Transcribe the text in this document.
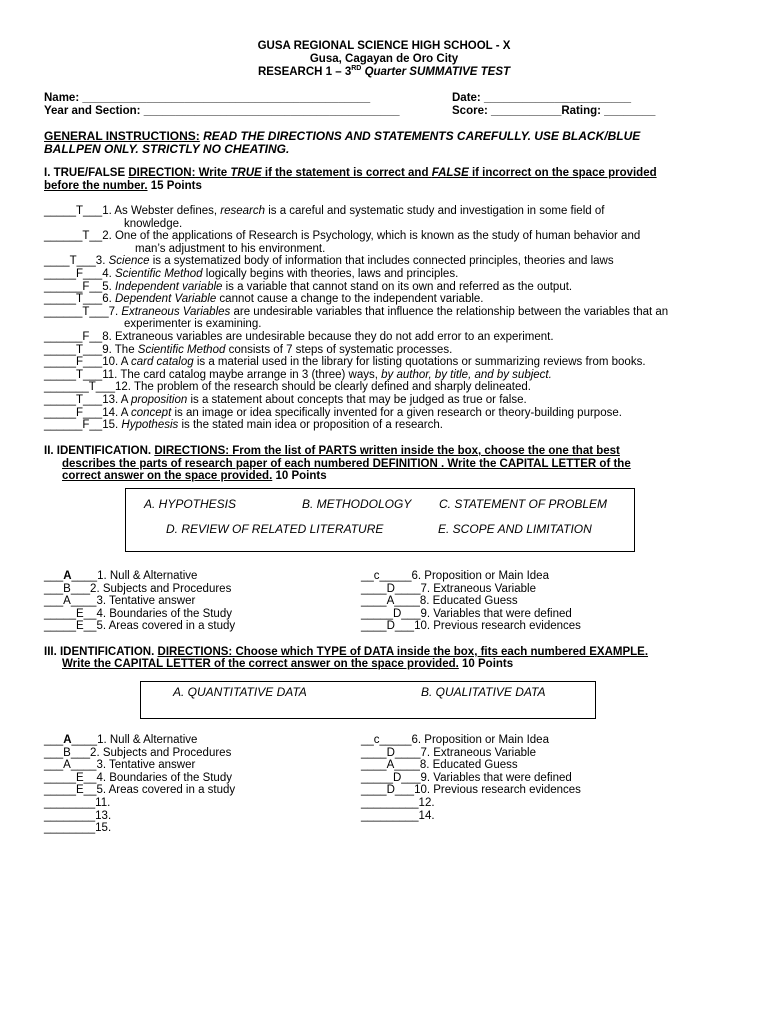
GUSA REGIONAL SCIENCE HIGH SCHOOL - X
Gusa, Cagayan de Oro City
RESEARCH 1 – 3RD Quarter SUMMATIVE TEST
Name: _____________________________________________
Year and Section: ________________________________________
Date: _______________________
Score: ___________Rating: ________
GENERAL INSTRUCTIONS: READ THE DIRECTIONS AND STATEMENTS CAREFULLY. USE BLACK/BLUE
BALLPEN ONLY. STRICTLY NO CHEATING.
I. TRUE/FALSE DIRECTION: Write TRUE if the statement is correct and FALSE if incorrect on the space provided
before the number. 15 Points
_____T___1. As Webster defines, research is a careful and systematic study and investigation in some field of
knowledge.
______T__2. One of the applications of Research is Psychology, which is known as the study of human behavior and
man’s adjustment to his environment.
____T___3. Science is a systematized body of information that includes connected principles, theories and laws
_____F___4. Scientific Method logically begins with theories, laws and principles.
______F__5. Independent variable is a variable that cannot stand on its own and referred as the output.
_____T___6. Dependent Variable cannot cause a change to the independent variable.
______T___7. Extraneous Variables are undesirable variables that influence the relationship between the variables that an
experimenter is examining.
______F__8. Extraneous variables are undesirable because they do not add error to an experiment.
_____T___9. The Scientific Method consists of 7 steps of systematic processes.
_____F___10. A card catalog is a material used in the library for listing quotations or summarizing reviews from books.
_____T___11. The card catalog maybe arrange in 3 (three) ways, by author, by title, and by subject.
_______T___12. The problem of the research should be clearly defined and sharply delineated.
_____T___13. A proposition is a statement about concepts that may be judged as true or false.
_____F___14. A concept is an image or idea specifically invented for a given research or theory-building purpose.
______F__15. Hypothesis is the stated main idea or proposition of a research.
II. IDENTIFICATION. DIRECTIONS: From the list of PARTS written inside the box, choose the one that best
describes the parts of research paper of each numbered DEFINITION . Write the CAPITAL LETTER of the
correct answer on the space provided. 10 Points
A. HYPOTHESIS	B. METHODOLOGY C. STATEMENT OF PROBLEM
D. REVIEW OF RELATED LITERATURE	E. SCOPE AND LIMITATION
___A____1. Null & Alternative
___B___2. Subjects and Procedures
___A____3. Tentative answer
_____E__4. Boundaries of the Study
_____E__5. Areas covered in a study
__c_____6. Proposition or Main Idea
____D____7. Extraneous Variable
____A____8. Educated Guess
_____D___9. Variables that were defined
____D___10. Previous research evidences
III. IDENTIFICATION. DIRECTIONS: Choose which TYPE of DATA inside the box, fits each numbered EXAMPLE.
Write the CAPITAL LETTER of the correct answer on the space provided. 10 Points
A. QUANTITATIVE DATA	B. QUALITATIVE DATA
___A____1. Null & Alternative
___B___2. Subjects and Procedures
___A____3. Tentative answer
_____E__4. Boundaries of the Study
_____E__5. Areas covered in a study
________11.
________13.
________15.
__c_____6. Proposition or Main Idea
____D____7. Extraneous Variable
____A____8. Educated Guess
_____D___9. Variables that were defined
____D___10. Previous research evidences
_________12.
_________14.
